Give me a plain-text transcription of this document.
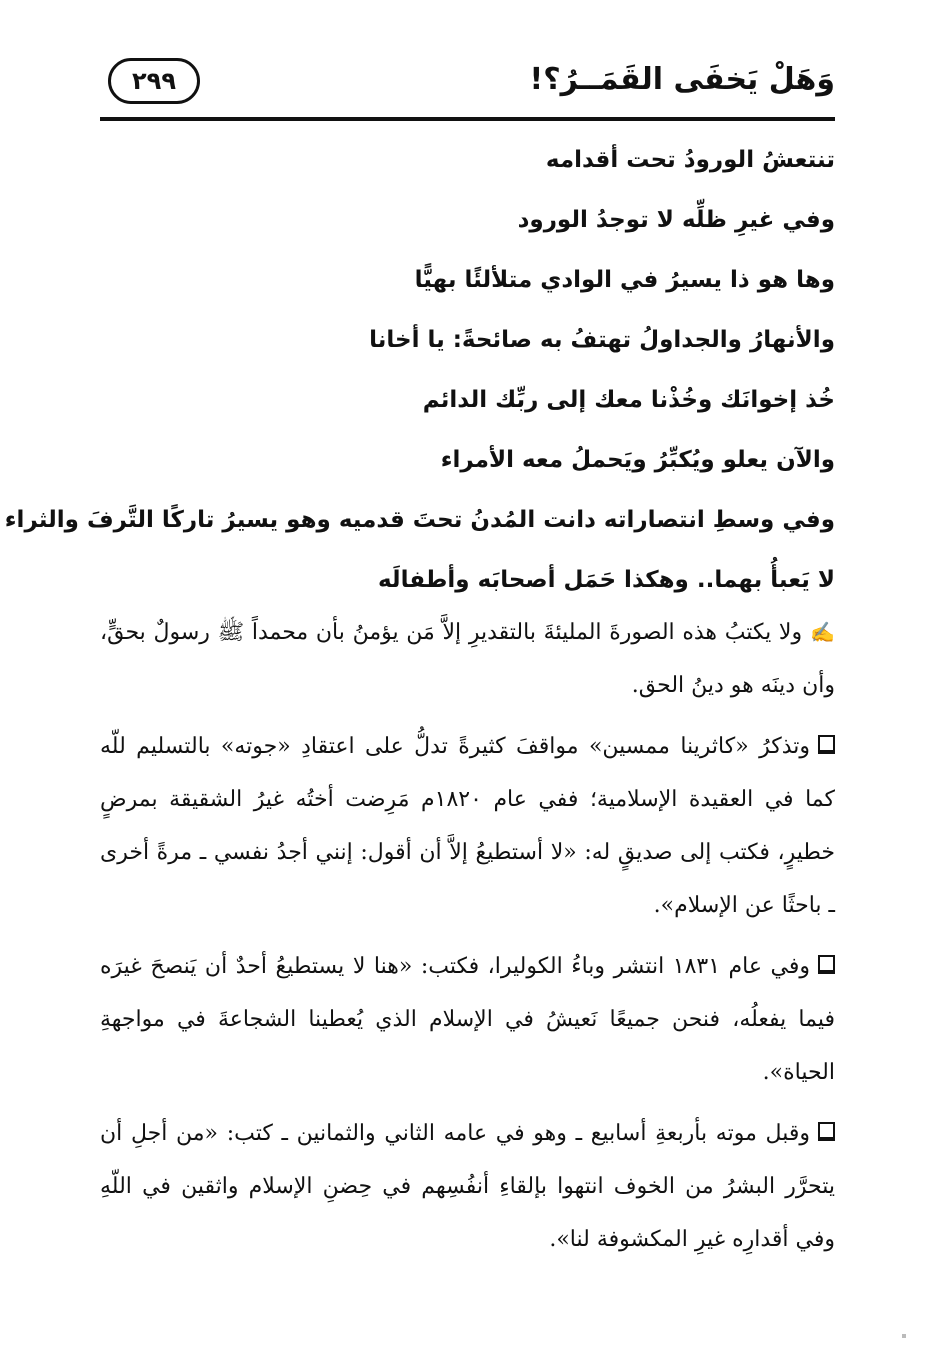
وَهَلْ يَخفَى القَمَــرُ؟!
٢٩٩
تنتعشُ الورودُ تحت أقدامه
وفي غيرِ ظلِّه لا توجدُ الورود
وها هو ذا يسيرُ في الوادي متلألئًا بهيًّا
والأنهارُ والجداولُ تهتفُ به صائحةً: يا أخانا
خُذ إخوانَك وخُذْنا معك إلى ربِّك الدائم
والآن يعلو ويُكبِّرُ ويَحملُ معه الأمراء
وفي وسطِ انتصاراته دانت المُدنُ تحتَ قدميه وهو يسيرُ تاركًا التَّرفَ والثراء
لا يَعبأُ بهما.. وهكذا حَمَل أصحابَه وأطفالَه

✍ولا يكتبُ هذه الصورةَ المليئةَ بالتقديرِ إلاَّ مَن يؤمنُ بأن محمداً ﷺ رسولٌ بحقٍّ، وأن دينَه هو دينُ الحق.

وتذكرُ «كاثرينا ممسين» مواقفَ كثيرةً تدلُّ على اعتقادِ «جوته» بالتسليم للّه كما في العقيدة الإسلامية؛ ففي عام ١٨٢٠م مَرِضت أختُه غيرُ الشقيقة بمرضٍ خطيرٍ، فكتب إلى صديقٍ له: «لا أستطيعُ إلاَّ أن أقول: إنني أجدُ نفسي ـ مرةً أخرى ـ باحثًا عن الإسلام».

وفي عام ١٨٣١ انتشر وباءُ الكوليرا، فكتب: «هنا لا يستطيعُ أحدٌ أن يَنصحَ غيرَه فيما يفعلُه، فنحن جميعًا نَعيشُ في الإسلام الذي يُعطينا الشجاعةَ في مواجهةِ الحياة».

وقبل موته بأربعةِ أسابيع ـ وهو في عامه الثاني والثمانين ـ كتب: «من أجلِ أن يتحرَّر البشرُ من الخوف انتهوا بإلقاءِ أنفُسِهم في حِضنِ الإسلام واثقين في اللّهِ وفي أقدارِه غيرِ المكشوفة لنا».
